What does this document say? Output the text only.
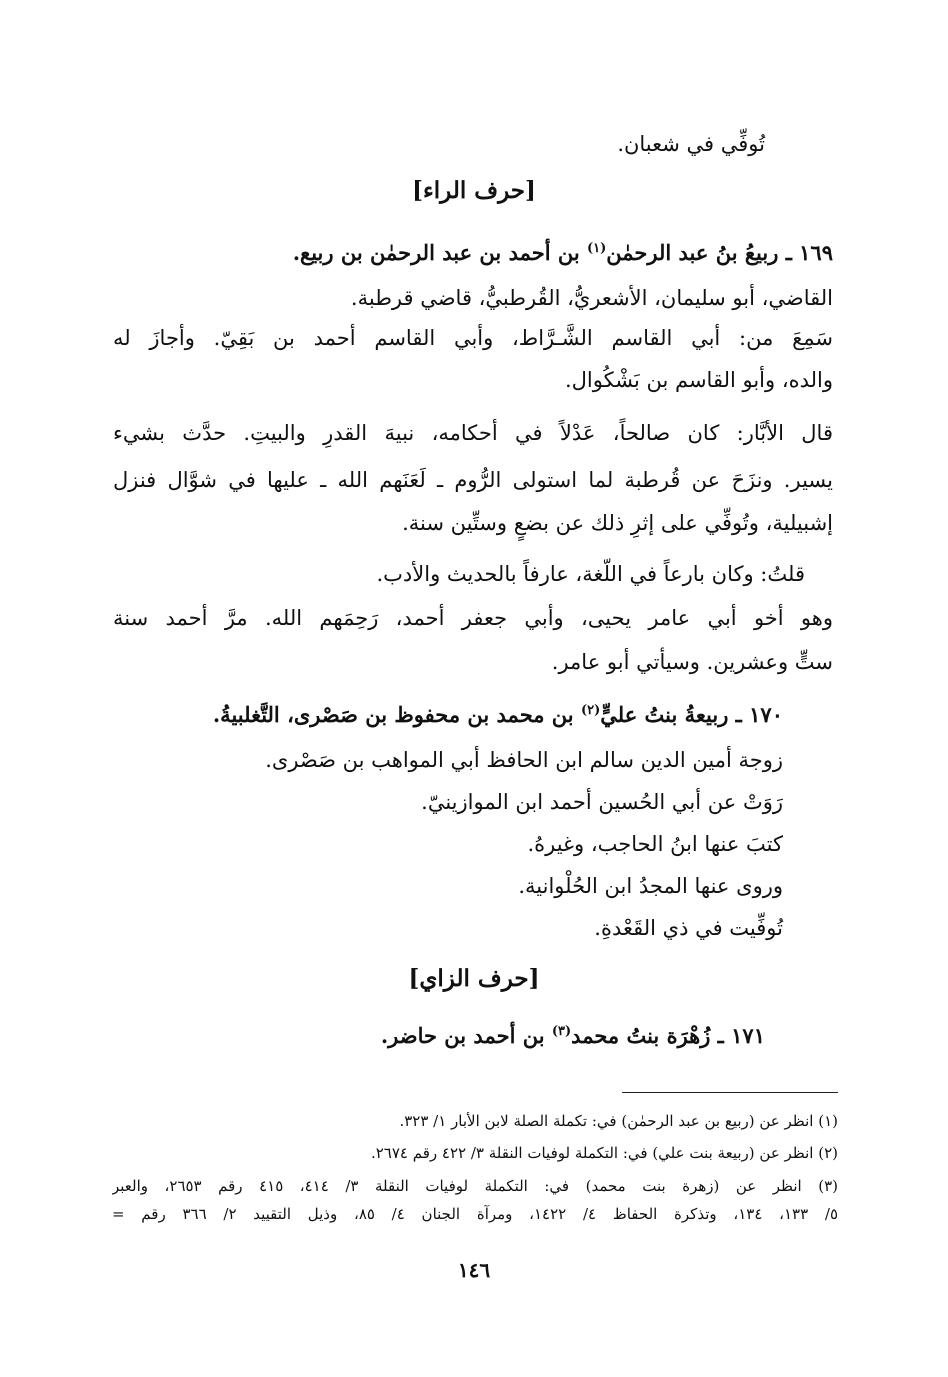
تُوفِّي في شعبان.
[حرف الراء]
١٦٩ ـ ربيعُ بنُ عبد الرحمٰن$^{(١)}$ بن أحمد بن عبد الرحمٰن بن ربيع.
القاضي، أبو سليمان، الأشعريُّ، القُرطبيُّ، قاضي قرطبة.
سَمِعَ من: أبي القاسم الشَّـرَّاط، وأبي القاسم أحمد بن بَقِيّ. وأجازَ له
والده، وأبو القاسم بن بَشْكُوال.
قال الأبَّار: كان صالحاً، عَدْلاً في أحكامه، نبيهَ القدرِ والبيتِ. حدَّث بشيء
يسير. ونزَحَ عن قُرطبة لما استولى الرُّوم ـ لَعَنَهم الله ـ عليها في شوَّال فنزل
إشبيلية، وتُوفِّي على إثرِ ذلك عن بضعٍ وستِّين سنة.
قلتُ: وكان بارعاً في اللّغة، عارفاً بالحديث والأدب.
وهو أخو أبي عامر يحيى، وأبي جعفر أحمد، رَحِمَهم الله. مرَّ أحمد سنة
ستٍّ وعشرين. وسيأتي أبو عامر.
١٧٠ ـ ربيعةُ بنتُ عليٍّ$^{(٢)}$ بن محمد بن محفوظ بن صَصْرى، التَّغلبيةُ.
زوجة أمين الدين سالم ابن الحافظ أبي المواهب بن صَصْرى.
رَوَتْ عن أبي الحُسين أحمد ابن الموازينيّ.
كتبَ عنها ابنُ الحاجب، وغيرهُ.
وروى عنها المجدُ ابن الحُلْوانية.
تُوفِّيت في ذي القَعْدةِ.
[حرف الزاي]
١٧١ ـ زُهْرَة بنتُ محمد$^{(٣)}$ بن أحمد بن حاضر.
(١) انظر عن (ربيع بن عبد الرحمٰن) في: تكملة الصلة لابن الأبار ١/ ٣٢٣.
(٢) انظر عن (ربيعة بنت علي) في: التكملة لوفيات النقلة ٣/ ٤٢٢ رقم ٢٦٧٤.
(٣) انظر عن (زهرة بنت محمد) في: التكملة لوفيات النقلة ٣/ ٤١٤، ٤١٥ رقم ٢٦٥٣، والعبر
٥/ ١٣٣، ١٣٤، وتذكرة الحفاظ ٤/ ١٤٢٢، ومرآة الجنان ٤/ ٨٥، وذيل التقييد ٢/ ٣٦٦ رقم =
١٤٦
